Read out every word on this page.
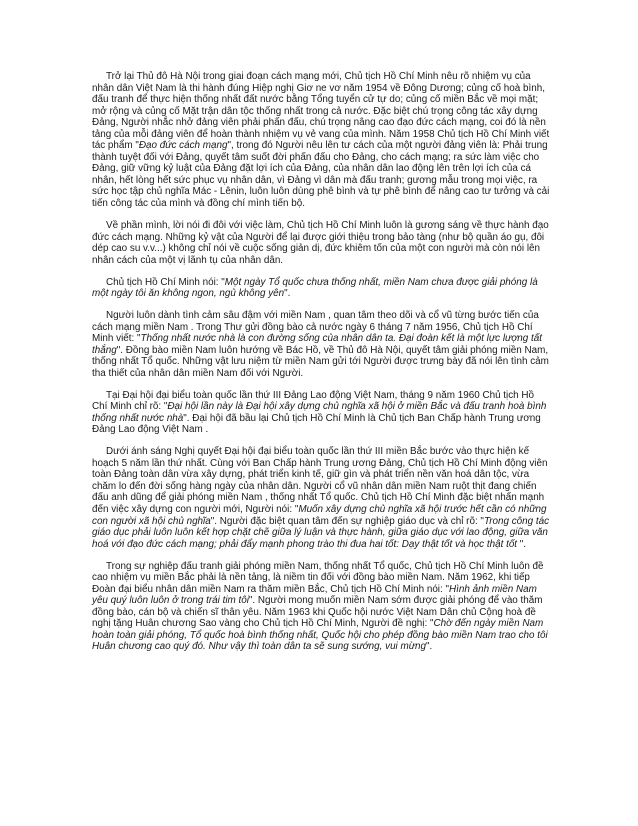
Trở lại Thủ đô Hà Nội trong giai đoạn cách mạng mới, Chủ tịch Hồ Chí Minh nêu rõ nhiệm vụ của nhân dân Việt Nam là thi hành đúng Hiệp nghị Giơ ne vơ năm 1954 về Đông Dương; củng cố hoà bình, đấu tranh để thực hiện thống nhất đất nước bằng Tổng tuyển cử tự do; củng cố miền Bắc về mọi mặt; mở rộng và củng cố Mặt trận dân tộc thống nhất trong cả nước. Đặc biệt chú trọng công tác xây dựng Đảng, Người nhắc nhở đảng viên phải phấn đấu, chú trọng nâng cao đạo đức cách mạng, coi đó là nền tảng của mỗi đảng viên để hoàn thành nhiệm vụ vẻ vang của mình. Năm 1958 Chủ tịch Hồ Chí Minh viết tác phẩm "Đạo đức cách mạng", trong đó Người nêu lên tư cách của một người đảng viên là: Phải trung thành tuyệt đối với Đảng, quyết tâm suốt đời phấn đấu cho Đảng, cho cách mạng; ra sức làm việc cho Đảng, giữ vững kỷ luật của Đảng đặt lợi ích của Đảng, của nhân dân lao động lên trên lợi ích của cá nhân, hết lòng hết sức phục vụ nhân dân, vì Đảng vì dân mà đấu tranh; gương mẫu trong mọi việc, ra sức học tập chủ nghĩa Mác - Lênin, luôn luôn dùng phê bình và tự phê bình để nâng cao tư tưởng và cải tiến công tác của mình và đồng chí mình tiến bộ.

Về phần mình, lời nói đi đôi với việc làm, Chủ tịch Hồ Chí Minh luôn là gương sáng về thực hành đạo đức cách mạng. Những kỷ vật của Người để lại được giới thiệu trong bảo tàng (như bộ quần áo gụ, đôi dép cao su v.v...) không chỉ nói về cuộc sống giản dị, đức khiêm tốn của một con người mà còn nói lên nhân cách của một vị lãnh tụ của nhân dân.

Chủ tịch Hồ Chí Minh nói: "Một ngày Tổ quốc chưa thống nhất, miền Nam chưa được giải phóng là một ngày tôi ăn không ngon, ngủ không yên".

Người luôn dành tình cảm sâu đậm với miền Nam , quan tâm theo dõi và cổ vũ từng bước tiến của cách mạng miền Nam . Trong Thư gửi đồng bào cả nước ngày 6 tháng 7 năm 1956, Chủ tịch Hồ Chí Minh viết: "Thống nhất nước nhà là con đường sống của nhân dân ta. Đại đoàn kết là một lực lượng tất thắng". Đồng bào miền Nam luôn hướng về Bác Hồ, về Thủ đô Hà Nội, quyết tâm giải phóng miền Nam, thống nhất Tổ quốc. Những vật lưu niệm từ miền Nam gửi tới Người được trưng bày đã nói lên tình cảm tha thiết của nhân dân miền Nam đối với Người.

Tại Đại hội đại biểu toàn quốc lần thứ III Đảng Lao động Việt Nam, tháng 9 năm 1960 Chủ tịch Hồ Chí Minh chỉ rõ: "Đại hội lần này là Đại hội xây dựng chủ nghĩa xã hội ở miền Bắc và đấu tranh hoà bình thống nhất nước nhà". Đại hội đã bầu lại Chủ tịch Hồ Chí Minh là Chủ tịch Ban Chấp hành Trung ương Đảng Lao động Việt Nam .

Dưới ánh sáng Nghị quyết Đại hội đại biểu toàn quốc lần thứ III miền Bắc bước vào thực hiện kế hoạch 5 năm lần thứ nhất. Cùng với Ban Chấp hành Trung ương Đảng, Chủ tịch Hồ Chí Minh động viên toàn Đảng toàn dân vừa xây dựng, phát triển kinh tế, giữ gìn và phát triển nền văn hoá dân tộc, vừa chăm lo đến đời sống hàng ngày của nhân dân. Người cổ vũ nhân dân miền Nam ruột thịt đang chiến đấu anh dũng để giải phóng miền Nam , thống nhất Tổ quốc. Chủ tịch Hồ Chí Minh đặc biệt nhấn mạnh đến việc xây dựng con người mới, Người nói: "Muốn xây dựng chủ nghĩa xã hội trước hết cần có những con người xã hội chủ nghĩa". Người đặc biệt quan tâm đến sự nghiệp giáo dục và chỉ rõ: "Trong công tác giáo dục phải luôn luôn kết hợp chặt chẽ giữa lý luận và thực hành, giữa giáo dục với lao động, giữa văn hoá với đạo đức cách mạng; phải đẩy mạnh phong trào thi đua hai tốt: Dạy thật tốt và học thật tốt ".

Trong sự nghiệp đấu tranh giải phóng miền Nam, thống nhất Tổ quốc, Chủ tịch Hồ Chí Minh luôn đề cao nhiệm vụ miền Bắc phải là nền tảng, là niềm tin đối với đồng bào miền Nam. Năm 1962, khi tiếp Đoàn đại biểu nhân dân miền Nam ra thăm miền Bắc, Chủ tịch Hồ Chí Minh nói: "Hình ảnh miền Nam yêu quý luôn luôn ở trong trái tim tôi". Người mong muốn miền Nam sớm được giải phóng để vào thăm đồng bào, cán bộ và chiến sĩ thân yêu. Năm 1963 khi Quốc hội nước Việt Nam Dân chủ Cộng hoà đề nghị tặng Huân chương Sao vàng cho Chủ tịch Hồ Chí Minh, Người đề nghị: "Chờ đến ngày miền Nam hoàn toàn giải phóng, Tổ quốc hoà bình thống nhất, Quốc hội cho phép đồng bào miền Nam trao cho tôi Huân chương cao quý đó. Như vậy thì toàn dân ta sẽ sung sướng, vui mừng".
